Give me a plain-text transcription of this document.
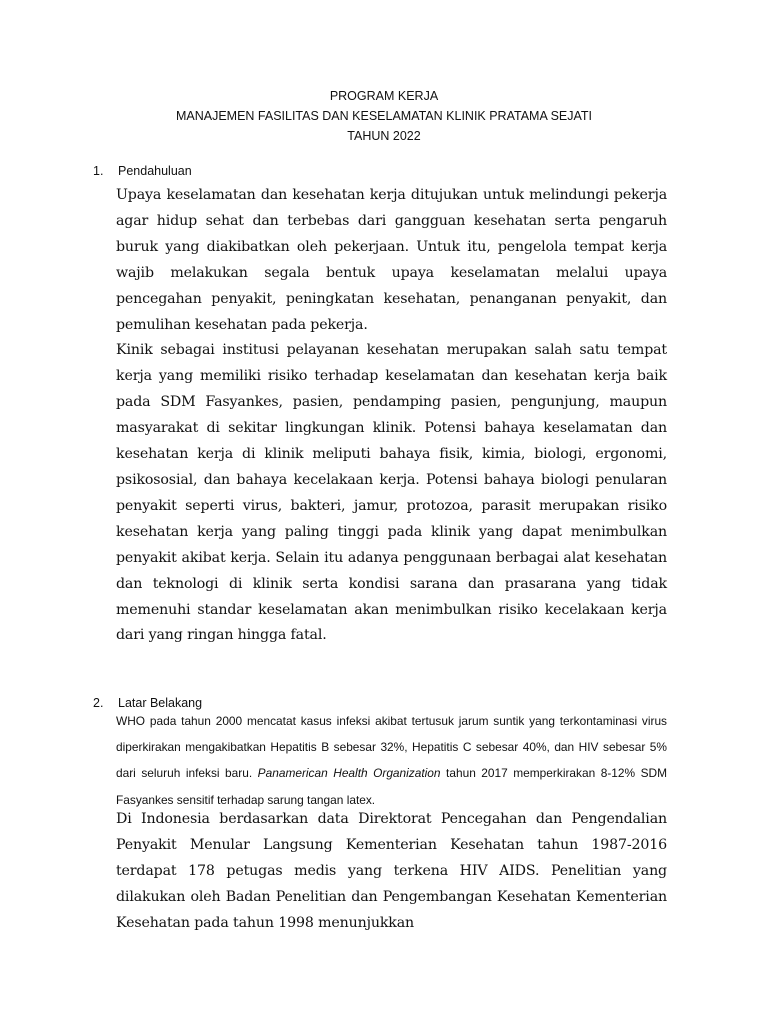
PROGRAM KERJA
MANAJEMEN FASILITAS DAN KESELAMATAN KLINIK PRATAMA SEJATI
TAHUN 2022
1. Pendahuluan

Upaya keselamatan dan kesehatan kerja ditujukan untuk melindungi pekerja agar hidup sehat dan terbebas dari gangguan kesehatan serta pengaruh buruk yang diakibatkan oleh pekerjaan. Untuk itu, pengelola tempat kerja wajib melakukan segala bentuk upaya keselamatan melalui upaya pencegahan penyakit, peningkatan kesehatan, penanganan penyakit, dan pemulihan kesehatan pada pekerja.

Kinik sebagai institusi pelayanan kesehatan merupakan salah satu tempat kerja yang memiliki risiko terhadap keselamatan dan kesehatan kerja baik pada SDM Fasyankes, pasien, pendamping pasien, pengunjung, maupun masyarakat di sekitar lingkungan klinik. Potensi bahaya keselamatan dan kesehatan kerja di klinik meliputi bahaya fisik, kimia, biologi, ergonomi, psikososial, dan bahaya kecelakaan kerja. Potensi bahaya biologi penularan penyakit seperti virus, bakteri, jamur, protozoa, parasit merupakan risiko kesehatan kerja yang paling tinggi pada klinik yang dapat menimbulkan penyakit akibat kerja. Selain itu adanya penggunaan berbagai alat kesehatan dan teknologi di klinik serta kondisi sarana dan prasarana yang tidak memenuhi standar keselamatan akan menimbulkan risiko kecelakaan kerja dari yang ringan hingga fatal.

2. Latar Belakang

WHO pada tahun 2000 mencatat kasus infeksi akibat tertusuk jarum suntik yang terkontaminasi virus diperkirakan mengakibatkan Hepatitis B sebesar 32%, Hepatitis C sebesar 40%, dan HIV sebesar 5% dari seluruh infeksi baru. Panamerican Health Organization tahun 2017 memperkirakan 8-12% SDM Fasyankes sensitif terhadap sarung tangan latex.

Di Indonesia berdasarkan data Direktorat Pencegahan dan Pengendalian Penyakit Menular Langsung Kementerian Kesehatan tahun 1987-2016 terdapat 178 petugas medis yang terkena HIV AIDS. Penelitian yang dilakukan oleh Badan Penelitian dan Pengembangan Kesehatan Kementerian Kesehatan pada tahun 1998 menunjukkan
